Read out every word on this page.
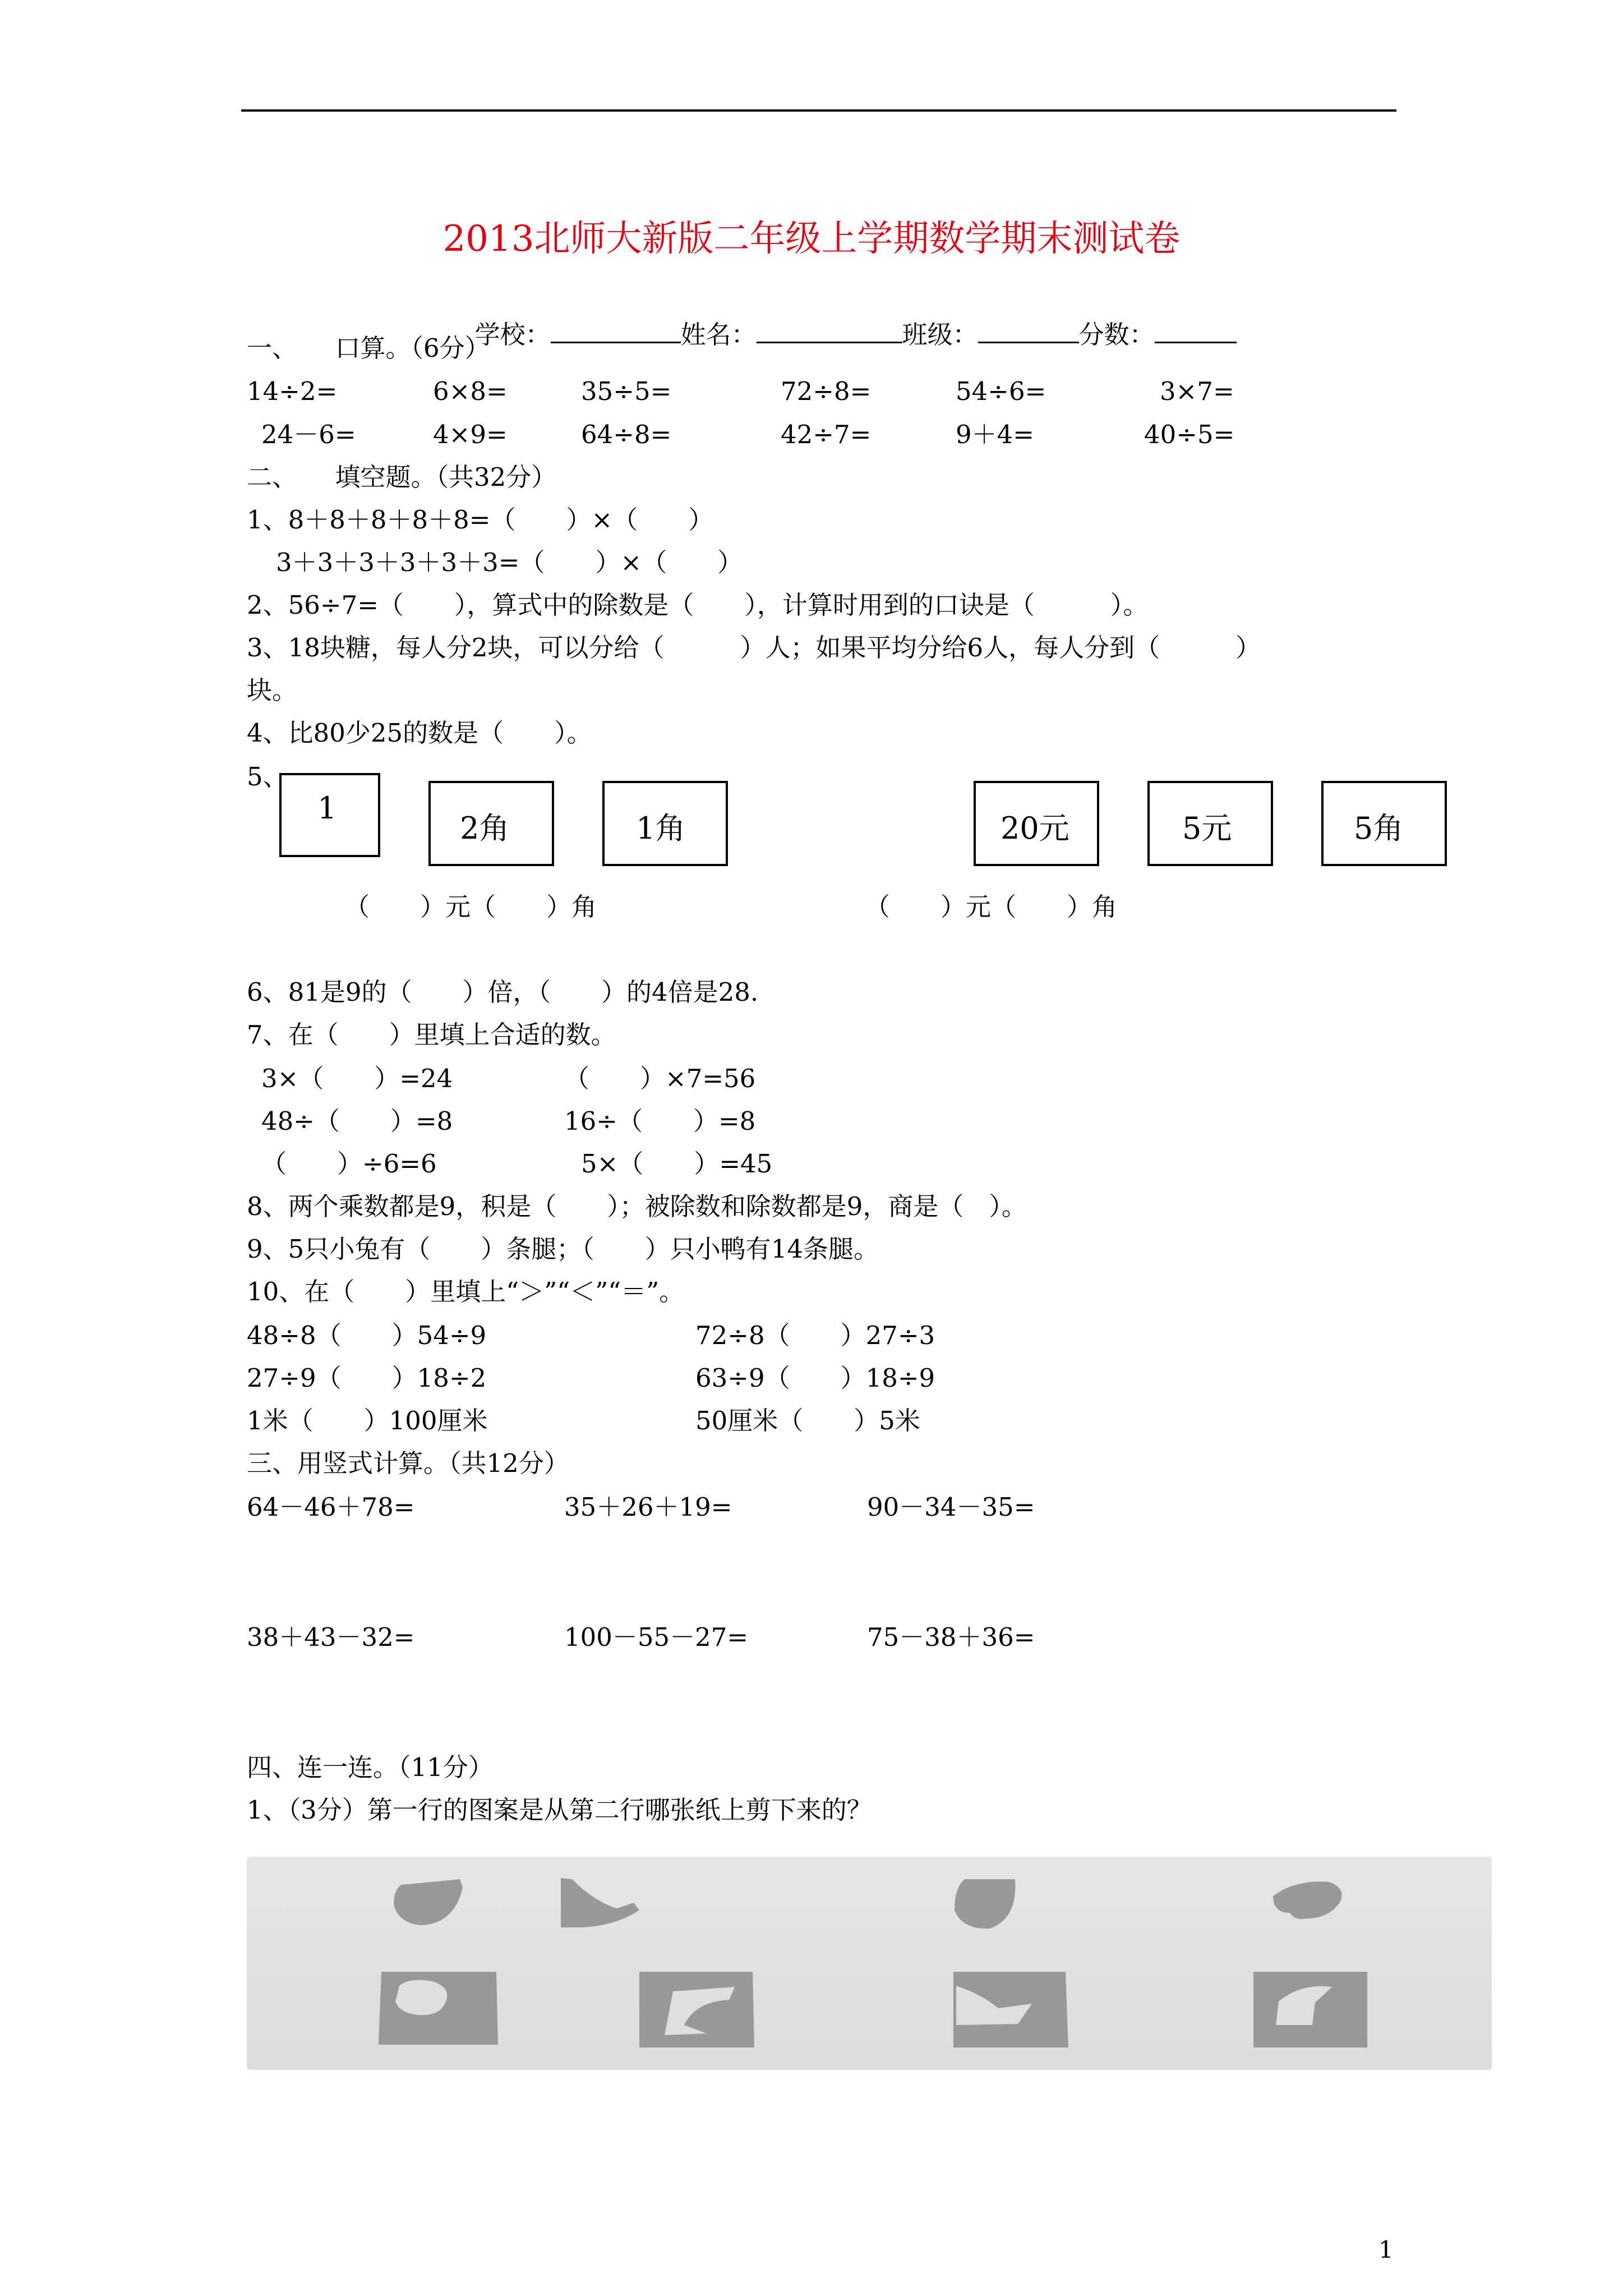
2013北师大新版二年级上学期数学期末测试卷

学校：	姓名：	班级：	分数：

一、　　口算。（6分）
14÷2=	6×8=	35÷5=	72÷8=	54÷6=	3×7=
24－6=	4×9=	64÷8=	42÷7=	9＋4=	40÷5=
二、　　填空题。（共32分）
1、8＋8＋8＋8＋8=（　　）×（　　）
3＋3＋3＋3＋3＋3=（　　）×（　　）
2、56÷7=（　　），算式中的除数是（　　），计算时用到的口诀是（　　　）。
3、18块糖，每人分2块，可以分给（　　　）人；如果平均分给6人，每人分到（　　　）
块。
4、比80少25的数是（　　）。
5、
1
2角	1角	20元	5元	5角
（　　）元（　　）角	（　　）元（　　）角
6、81是9的（　　）倍，（　　）的4倍是28.
7、在（　　）里填上合适的数。
3×（　　）=24	（　　）×7=56
48÷（　　）=8	16÷（　　）=8
（　　）÷6=6	5×（　　）=45
8、两个乘数都是9，积是（　　）；被除数和除数都是9，商是（　）。
9、5只小兔有（　　）条腿；（　　）只小鸭有14条腿。
10、在（　　）里填上“＞”“＜”“＝”。
48÷8（　　）54÷9	72÷8（　　）27÷3
27÷9（　　）18÷2	63÷9（　　）18÷9
1米（　　）100厘米	50厘米（　　）5米
三、用竖式计算。（共12分）
64－46＋78=	35＋26＋19=	90－34－35=
38＋43－32=	100－55－27=	75－38＋36=
四、连一连。（11分）
1、（3分）第一行的图案是从第二行哪张纸上剪下来的？
1
